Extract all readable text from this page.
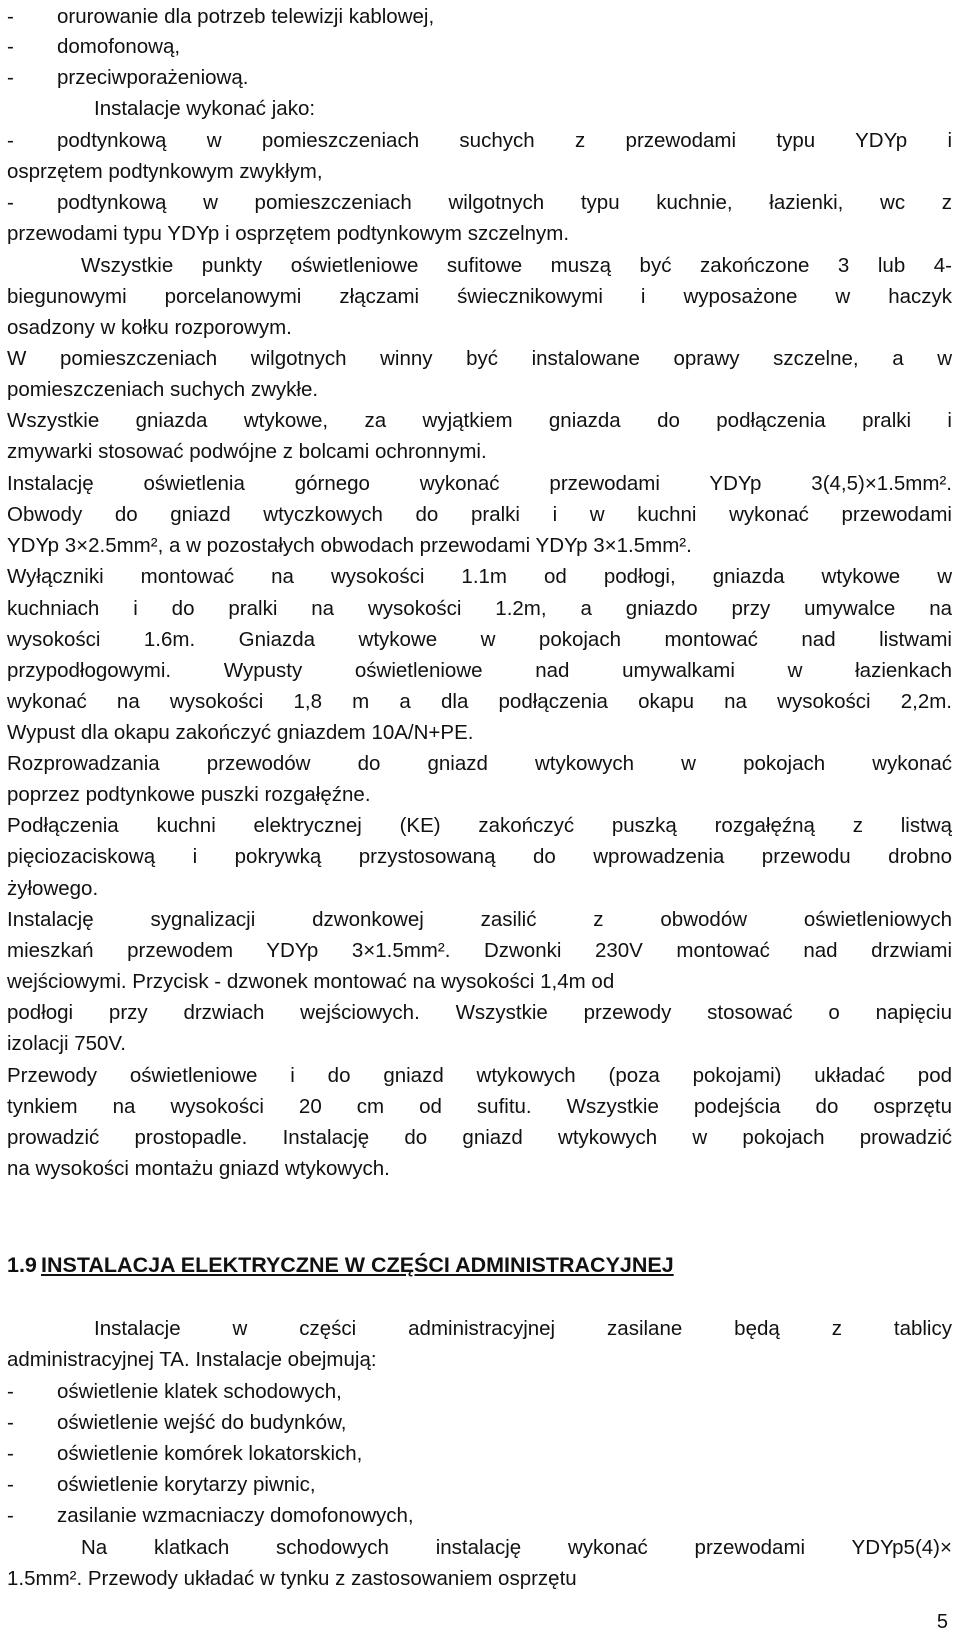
-	orurowanie dla potrzeb telewizji kablowej,
-	domofonową,
-	przeciwporażeniową.
Instalacje wykonać jako:
-	podtynkową w pomieszczeniach suchych z przewodami typu YDYp i
osprzętem podtynkowym zwykłym,
-	podtynkową w pomieszczeniach wilgotnych typu kuchnie, łazienki, wc z
przewodami typu YDYp i osprzętem podtynkowym szczelnym.
Wszystkie punkty oświetleniowe sufitowe muszą być zakończone 3 lub 4-
biegunowymi porcelanowymi złączami świecznikowymi i wyposażone w haczyk
osadzony w kołku rozporowym.
W pomieszczeniach wilgotnych winny być instalowane oprawy szczelne, a w
pomieszczeniach suchych zwykłe.
Wszystkie gniazda wtykowe, za wyjątkiem gniazda do podłączenia pralki i
zmywarki stosować podwójne z bolcami ochronnymi.
Instalację oświetlenia górnego wykonać przewodami YDYp 3(4,5)×1.5mm².
Obwody do gniazd wtyczkowych do pralki i w kuchni wykonać przewodami
YDYp 3×2.5mm², a w pozostałych obwodach przewodami YDYp 3×1.5mm².
Wyłączniki montować na wysokości 1.1m od podłogi, gniazda wtykowe w
kuchniach i do pralki na wysokości 1.2m, a gniazdo przy umywalce na
wysokości 1.6m. Gniazda wtykowe w pokojach montować nad listwami
przypodłogowymi. Wypusty oświetleniowe nad umywalkami w łazienkach
wykonać na wysokości 1,8 m a dla podłączenia okapu na wysokości 2,2m.
Wypust dla okapu zakończyć gniazdem 10A/N+PE.
Rozprowadzania przewodów do gniazd wtykowych w pokojach wykonać
poprzez podtynkowe puszki rozgałęźne.
Podłączenia kuchni elektrycznej (KE) zakończyć puszką rozgałęźną z listwą
pięciozaciskową i pokrywką przystosowaną do wprowadzenia przewodu drobno
żyłowego.
Instalację sygnalizacji dzwonkowej zasilić z obwodów oświetleniowych
mieszkań przewodem YDYp 3×1.5mm². Dzwonki 230V montować nad drzwiami
wejściowymi. Przycisk - dzwonek montować na wysokości 1,4m od
podłogi przy drzwiach wejściowych. Wszystkie przewody stosować o napięciu
izolacji 750V.
Przewody oświetleniowe i do gniazd wtykowych (poza pokojami) układać pod
tynkiem na wysokości 20 cm od sufitu. Wszystkie podejścia do osprzętu
prowadzić prostopadle. Instalację do gniazd wtykowych w pokojach prowadzić
na wysokości montażu gniazd wtykowych.
1.9 INSTALACJA ELEKTRYCZNE W CZĘŚCI ADMINISTRACYJNEJ
Instalacje w części administracyjnej zasilane będą z tablicy
administracyjnej TA. Instalacje obejmują:
-	oświetlenie klatek schodowych,
-	oświetlenie wejść do budynków,
-	oświetlenie komórek lokatorskich,
-	oświetlenie korytarzy piwnic,
-	zasilanie wzmacniaczy domofonowych,
Na klatkach schodowych instalację wykonać przewodami YDYp5(4)×
1.5mm². Przewody układać w tynku z zastosowaniem osprzętu
5
